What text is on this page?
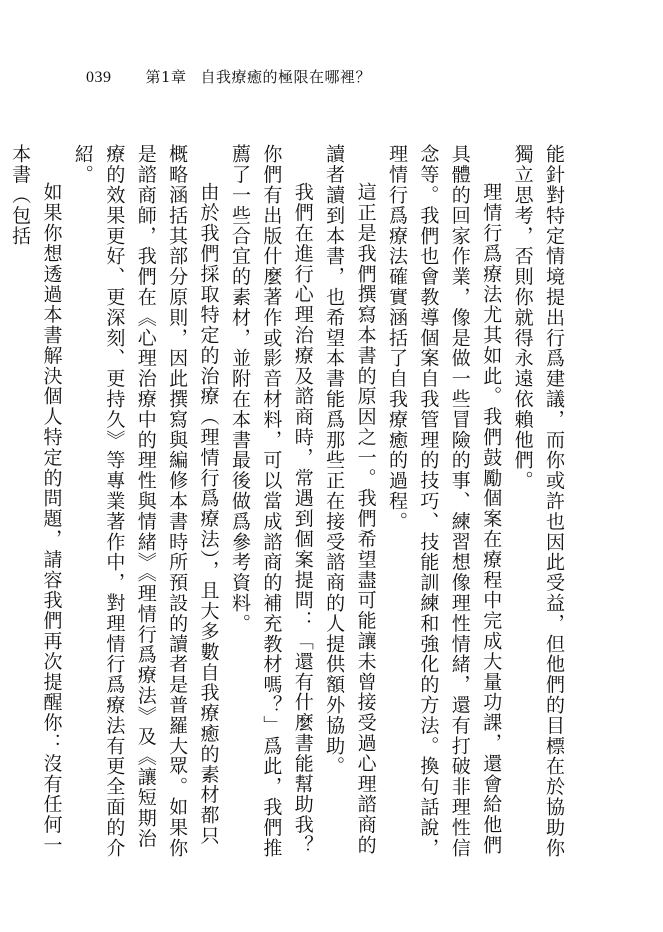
039 第1章 自我療癒的極限在哪裡？

能針對特定情境提出行爲建議，而你或許也因此受益，但他們的目標在於協助你獨立思考，否則你就得永遠依賴他們。

理情行爲療法尤其如此。我們鼓勵個案在療程中完成大量功課，還會給他們具體的回家作業，像是做一些冒險的事、練習想像理性情緒，還有打破非理性信念等。我們也會教導個案自我管理的技巧、技能訓練和強化的方法。換句話說，理情行爲療法確實涵括了自我療癒的過程。

這正是我們撰寫本書的原因之一。我們希望盡可能讓未曾接受過心理諮商的讀者讀到本書，也希望本書能爲那些正在接受諮商的人提供額外協助。

我們在進行心理治療及諮商時，常遇到個案提問：「還有什麼書能幫助我？你們有出版什麼著作或影音材料，可以當成諮商的補充教材嗎？」爲此，我們推薦了一些合宜的素材，並附在本書最後做爲參考資料。

由於我們採取特定的治療（理情行爲療法），且大多數自我療癒的素材都只概略涵括其部分原則，因此撰寫與編修本書時所預設的讀者是普羅大眾。如果你是諮商師，我們在《心理治療中的理性與情緒》《理情行爲療法》及《讓短期治療的效果更好、更深刻、更持久》等專業著作中，對理情行爲療法有更全面的介紹。

如果你想透過本書解決個人特定的問題，請容我們再次提醒你：沒有任何一本書（包括
